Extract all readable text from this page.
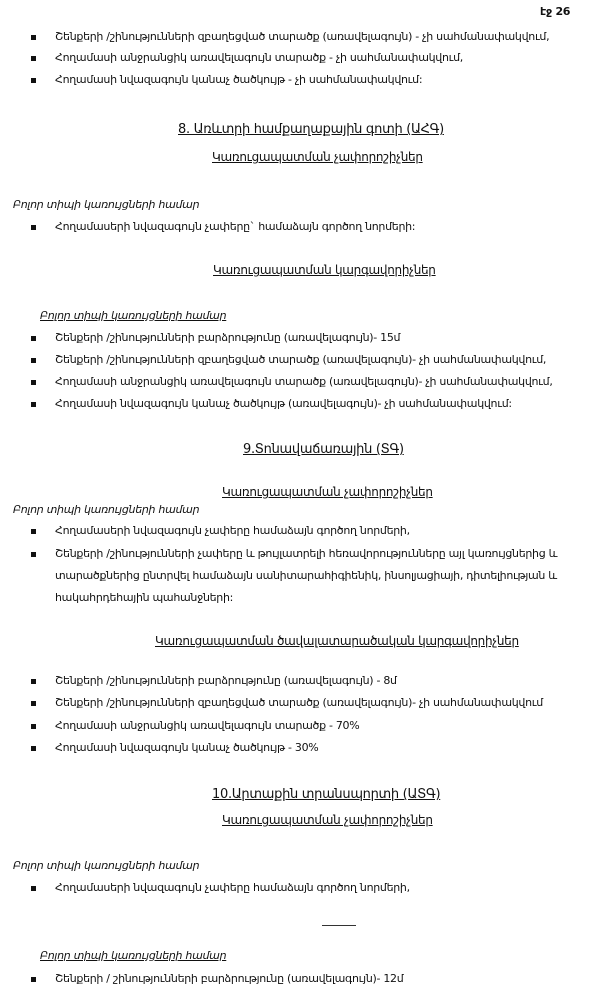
էջ 26
Շենքերի /շինությունների զբաղեցված տարածք (առավելագույն) - չի սահմանափակվում,
Հողամասի անջրանցիկ առավելագույն տարածք - չի սահմանափակվում,
Հողամասի նվազագույն կանաչ ծածկույթ - չի սահմանափակվում:
8. Առևտրի համքաղաքային գոտի (ԱՀԳ)
Կառուցապատման չափորոշիչներ
Բոլոր տիպի կառույցների համար
Հողամասերի նվազագույն չափերը` համաձայն գործող նորմերի:
Կառուցապատման կարգավորիչներ
Բոլոր տիպի կառույցների համար
Շենքերի /շինությունների բարձրությունը (առավելագույն)- 15մ
Շենքերի /շինությունների զբաղեցված տարածք (առավելագույն)- չի սահմանափակվում,
Հողամասի անջրանցիկ առավելագույն տարածք (առավելագույն)- չի սահմանափակվում,
Հողամասի նվազագույն կանաչ ծածկույթ (առավելագույն)- չի սահմանափակվում:
9.Տոնավաճառային (ՏԳ)
Կառուցապատման չափորոշիչներ
Բոլոր տիպի կառույցների համար
Հողամասերի նվազագույն չափերը համաձայն գործող նորմերի,
Շենքերի /շինությունների չափերը և թույլատրելի հեռավորությունները այլ կառույցներից և
տարածքներից ընտրվել համաձայն սանիտարահիգիենիկ, ինսոլյացիայի, դիտելիության և
հակահրդեհային պահանջների:
Կառուցապատման ծավալատարածական կարգավորիչներ
Շենքերի /շինությունների բարձրությունը (առավելագույն) - 8մ
Շենքերի /շինությունների զբաղեցված տարածք (առավելագույն)- չի սահմանափակվում
Հողամասի անջրանցիկ առավելագույն տարածք - 70%
Հողամասի նվազագույն կանաչ ծածկույթ - 30%
10.Արտաքին տրանսպորտի (ԱՏԳ)
Կառուցապատման չափորոշիչներ
Բոլոր տիպի կառույցների համար
Հողամասերի նվազագույն չափերը համաձայն գործող նորմերի,
Բոլոր տիպի կառույցների համար
Շենքերի / շինությունների բարձրությունը (առավելագույն)- 12մ
